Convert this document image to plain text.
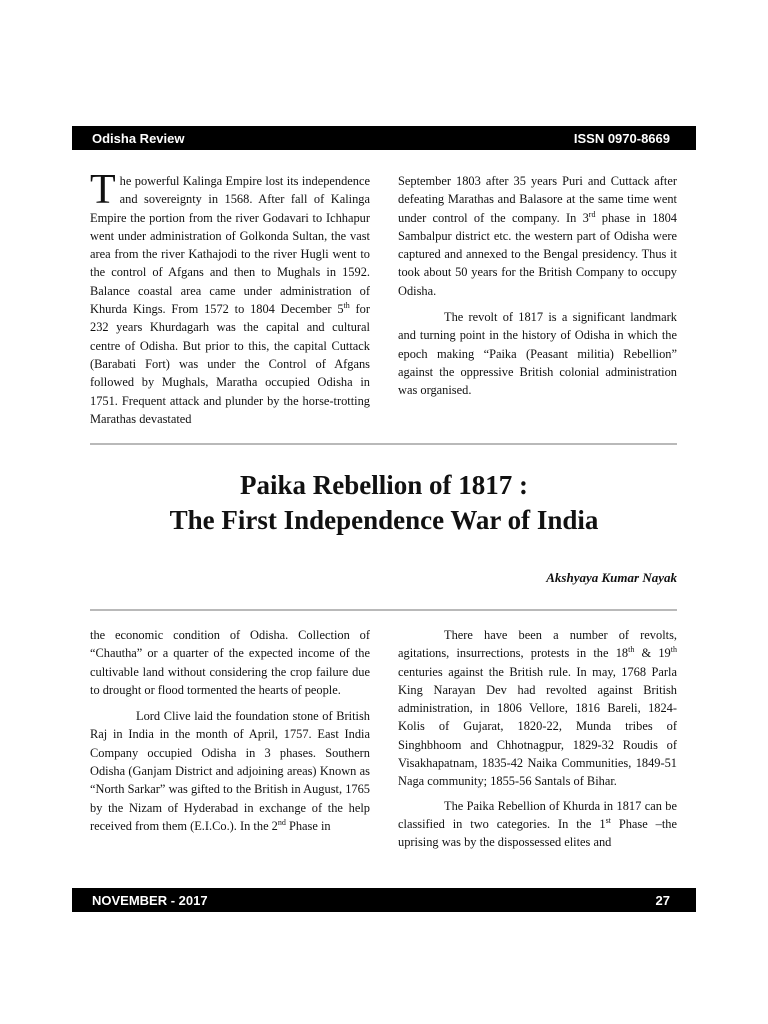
Odisha Review	ISSN 0970-8669

The powerful Kalinga Empire lost its independence and sovereignty in 1568. After fall of Kalinga Empire the portion from the river Godavari to Ichhapur went under administration of Golkonda Sultan, the vast area from the river Kathajodi to the river Hugli went to the control of Afgans and then to Mughals in 1592. Balance coastal area came under administration of Khurda Kings. From 1572 to 1804 December 5th for 232 years Khurdagarh was the capital and cultural centre of Odisha. But prior to this, the capital Cuttack (Barabati Fort) was under the Control of Afgans followed by Mughals, Maratha occupied Odisha in 1751. Frequent attack and plunder by the horse-trotting Marathas devastated

September 1803 after 35 years Puri and Cuttack after defeating Marathas and Balasore at the same time went under control of the company. In 3rd phase in 1804 Sambalpur district etc. the western part of Odisha were captured and annexed to the Bengal presidency. Thus it took about 50 years for the British Company to occupy Odisha.

The revolt of 1817 is a significant landmark and turning point in the history of Odisha in which the epoch making “Paika (Peasant militia) Rebellion” against the oppressive British colonial administration was organised.

Paika Rebellion of 1817 :
The First Independence War of India
Akshyaya Kumar Nayak

the economic condition of Odisha. Collection of “Chautha” or a quarter of the expected income of the cultivable land without considering the crop failure due to drought or flood tormented the hearts of people.

Lord Clive laid the foundation stone of British Raj in India in the month of April, 1757. East India Company occupied Odisha in 3 phases. Southern Odisha (Ganjam District and adjoining areas) Known as “North Sarkar” was gifted to the British in August, 1765 by the Nizam of Hyderabad in exchange of the help received from them (E.I.Co.). In the 2nd Phase in

There have been a number of revolts, agitations, insurrections, protests in the 18th & 19th centuries against the British rule. In may, 1768 Parla King Narayan Dev had revolted against British administration, in 1806 Vellore, 1816 Bareli, 1824-Kolis of Gujarat, 1820-22, Munda tribes of Singhbhoom and Chhotnagpur, 1829-32 Roudis of Visakhapatnam, 1835-42 Naika Communities, 1849-51 Naga community; 1855-56 Santals of Bihar.

The Paika Rebellion of Khurda in 1817 can be classified in two categories. In the 1st Phase –the uprising was by the dispossessed elites and

NOVEMBER - 2017	27
